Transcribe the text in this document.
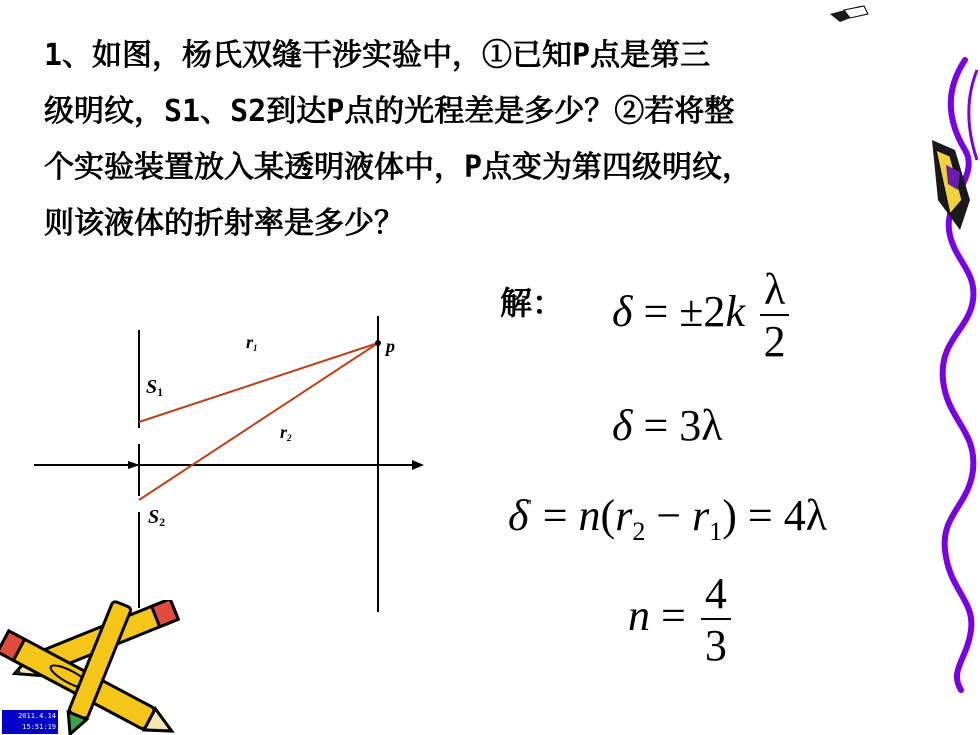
1、如图，杨氏双缝干涉实验中，①已知P点是第三
级明纹，S1、S2到达P点的光程差是多少？②若将整
个实验装置放入某透明液体中，P点变为第四级明纹，
则该液体的折射率是多少？
解： $\delta = \pm 2k \frac{\lambda}{2}$
δ = 3λ
$\delta' = n(r_2 - r_1) = 4\lambda$
$n = \frac{4}{3}$
r1
r2
p
S1
S2
2011.4.14
15:51:19
